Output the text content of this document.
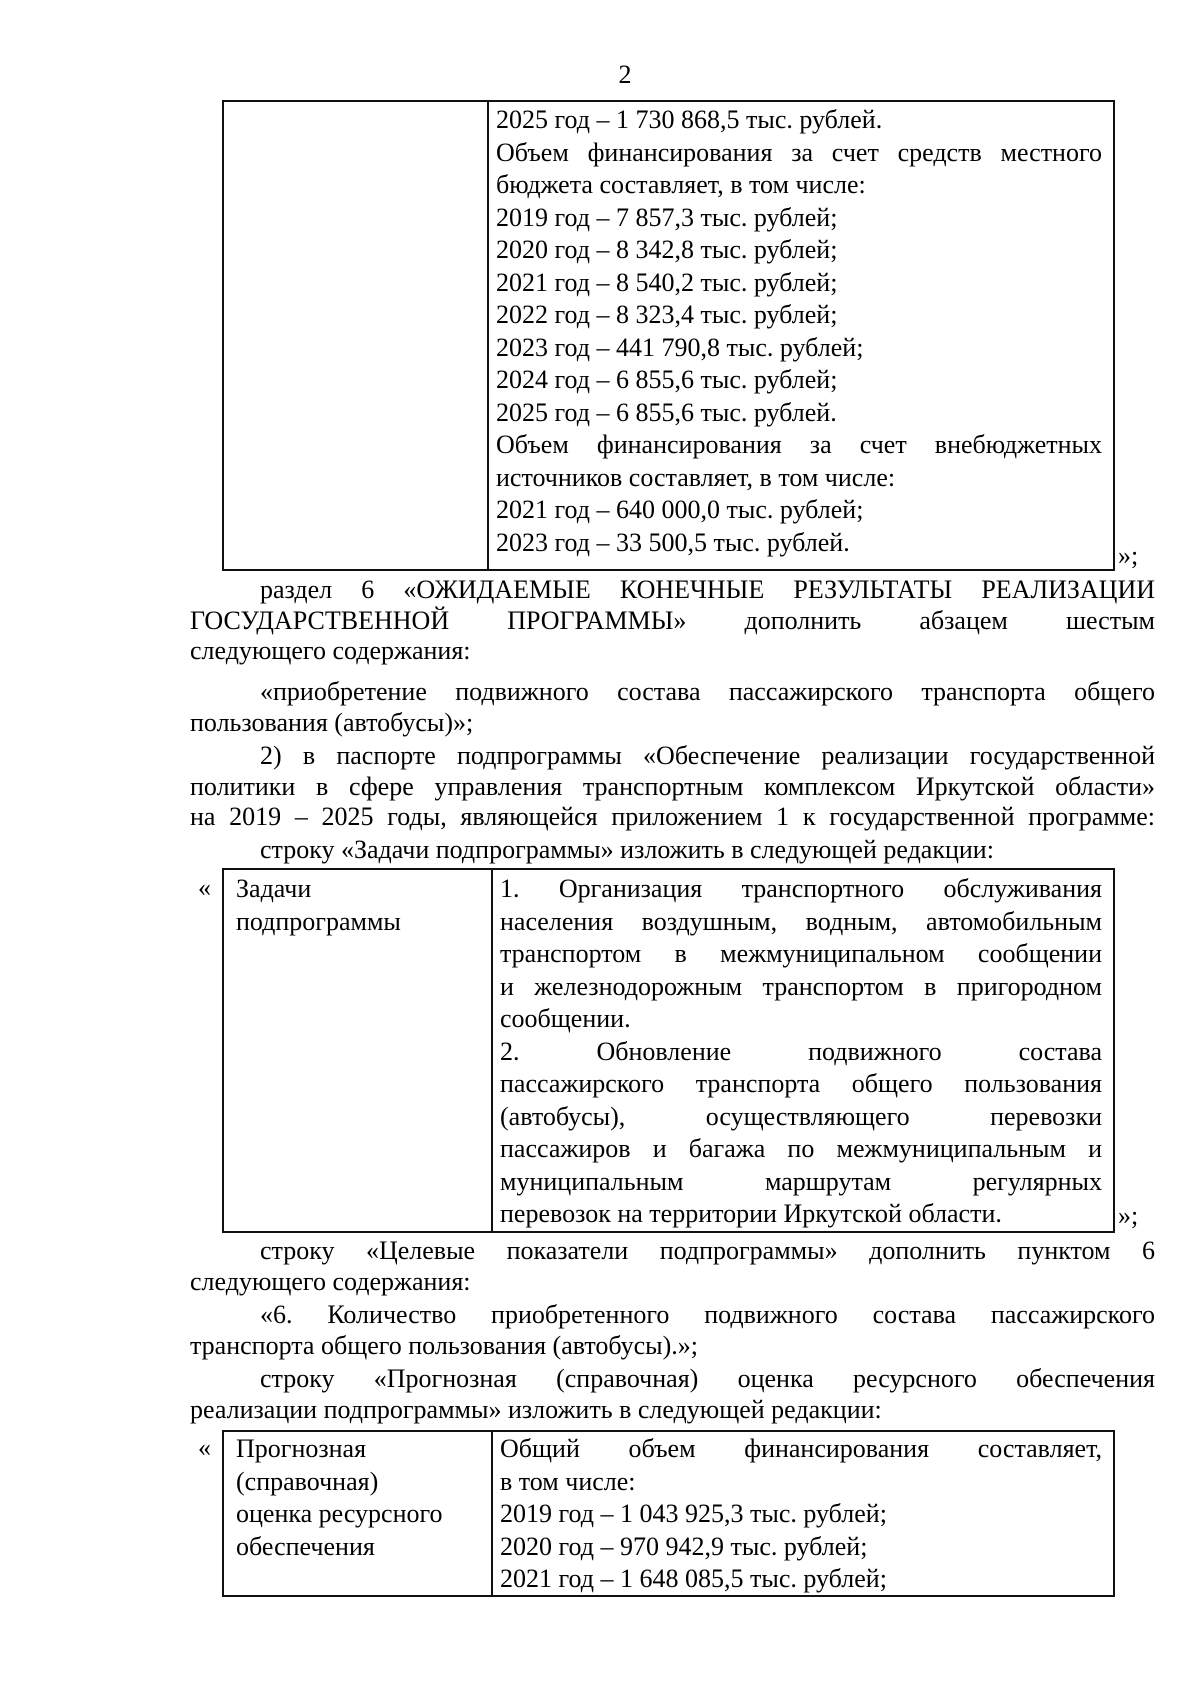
2
2025 год – 1 730 868,5 тыс. рублей.
Объем финансирования за счет средств местного
бюджета составляет, в том числе:
2019 год – 7 857,3 тыс. рублей;
2020 год – 8 342,8 тыс. рублей;
2021 год – 8 540,2 тыс. рублей;
2022 год – 8 323,4 тыс. рублей;
2023 год – 441 790,8 тыс. рублей;
2024 год – 6 855,6 тыс. рублей;
2025 год – 6 855,6 тыс. рублей.
Объем финансирования за счет внебюджетных
источников составляет, в том числе:
2021 год – 640 000,0 тыс. рублей;
2023 год – 33 500,5 тыс. рублей.	»;
раздел 6 «ОЖИДАЕМЫЕ КОНЕЧНЫЕ РЕЗУЛЬТАТЫ РЕАЛИЗАЦИИ
ГОСУДАРСТВЕННОЙ ПРОГРАММЫ» дополнить абзацем шестым
следующего содержания:
«приобретение подвижного состава пассажирского транспорта общего
пользования (автобусы)»;
2) в паспорте подпрограммы «Обеспечение реализации государственной
политики в сфере управления транспортным комплексом Иркутской области»
на 2019 – 2025 годы, являющейся приложением 1 к государственной программе:
строку «Задачи подпрограммы» изложить в следующей редакции:
« Задачи
подпрограммы
1. Организация транспортного обслуживания
населения воздушным, водным, автомобильным
транспортом в межмуниципальном сообщении
и железнодорожным транспортом в пригородном
сообщении.
2. Обновление подвижного состава
пассажирского транспорта общего пользования
(автобусы), осуществляющего перевозки
пассажиров и багажа по межмуниципальным и
муниципальным маршрутам регулярных
перевозок на территории Иркутской области.	»;
строку «Целевые показатели подпрограммы» дополнить пунктом 6
следующего содержания:
«6. Количество приобретенного подвижного состава пассажирского
транспорта общего пользования (автобусы).»;
строку «Прогнозная (справочная) оценка ресурсного обеспечения
реализации подпрограммы» изложить в следующей редакции:
« Прогнозная
(справочная)
оценка ресурсного
обеспечения
Общий объем финансирования составляет,
в том числе:
2019 год – 1 043 925,3 тыс. рублей;
2020 год – 970 942,9 тыс. рублей;
2021 год – 1 648 085,5 тыс. рублей;
